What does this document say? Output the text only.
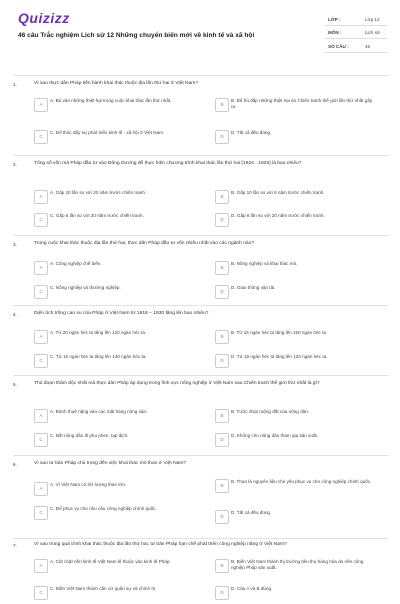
Quizizz
46 câu Trắc nghiệm Lịch sử 12 Những chuyển biến mới về kinh tế và xã hội
LỚP :	Lớp 12
MÔN :	Lịch sử
SỐ CÂU :	46
1.	Vì sao thực dân Pháp tiến hành khai thác thuộc địa lần thứ hai ở Việt Nam?
A
A. Bù vào những thiệt hại trong cuộc khai thác lần thứ nhất.
B
B. Để bù đắp những thiệt hại do Chiến tranh thế giới lần thứ nhất gây ra.
C
C. Để thúc đẩy sự phát triển kinh tế - xã hội ở Việt Nam.
D
D. Tất cả đều đúng.
2.	Tổng số vốn mà Pháp đầu tư vào Đông Dương để thực hiện chương trình khai thác lần thứ hai (1924 - 1929) là bao nhiêu?
A
A. Gấp 20 lần so với 20 năm trước chiến tranh.
B
B. Gấp 10 lần so với 6 năm trước chiến tranh.
C
C. Gấp 6 lần so với 20 năm trước chiến tranh.
D
D. Gấp 8 lần so với 20 năm trước chiến tranh.
3.	Trong cuộc khai thác thuộc địa lần thứ hai, thực dân Pháp đầu tư vốn nhiều nhất vào các ngành nào?
A
A. Công nghiệp chế biến.
B
B. Nông nghiệp và khai thác mỏ.
C
C. Nông nghiệp và thương nghiệp.
D
D. Giao thông vận tải.
4.	Diện tích trồng cao su của Pháp ở Việt Nam từ 1918 – 1930 tăng lên bao nhiêu?
A
A. Từ 20 ngàn héc ta tăng lên 120 ngàn héc ta.
B
B. Từ 15 ngàn héc ta tăng lên 150 ngàn héc ta.
C
C. Từ 15 ngàn héc ta tăng lên 140 ngàn héc ta.
D
D. Từ 15 ngàn héc ta tăng lên 120 ngàn héc ta.
5.	Thủ đoạn thâm độc nhất mà thực dân Pháp áp dụng trong lĩnh vực nông nghiệp ở Việt Nam sau Chiến tranh thế giới thứ nhất là gì?
A
A. Đánh thuế nặng vào các mặt hàng nông sản.
B
B. Tước đoạt ruộng đất của nông dân.
C
C. Bắt nông dân đi phu phen, tạp dịch.
D
D. Không cho nông dân tham gia sản xuất.
6.	Vì sao tư bản Pháp chú trọng đến việc khai thác mỏ than ở Việt Nam?
A
A. Vì Việt Nam có trữ lượng than lớn.	B
B. Than là nguyên liệu chủ yếu phục vụ cho công nghiệp chính quốc.
C
C. Để phục vụ cho nhu cầu công nghiệp chính quốc.
D
D. Tất cả đều đúng.
7.	Vì sao trong quá trình khai thác thuộc địa lần thứ hai, tư bản Pháp hạn chế phát triển công nghiệp nặng ở Việt Nam?
A
A. Cột chặt nền kinh tế Việt Nam lệ thuộc vào kinh tế Pháp.
B
B. Biến Việt Nam thành thị trường tiêu thụ hàng hóa do nền công nghiệp Pháp sản xuất.
C
C. Biến Việt Nam thành căn cứ quân sự và chính trị
D
D. Câu A và B đúng.
